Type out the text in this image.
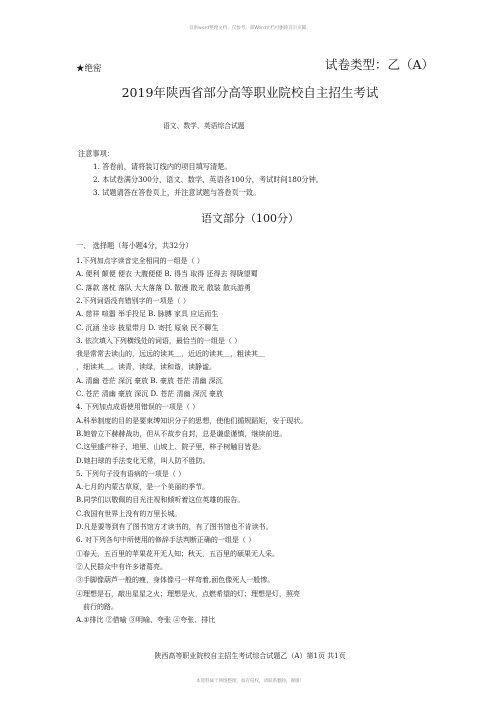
仅供word整理文档，仅参考。部Word文档可删除首页页脚。
★绝密	试卷类型：乙（A）
2019年陕西省部分高等职业院校自主招生考试
语文、数学、英语综合试题
注意事项：
1. 答卷前，请将装订线内的项目填写清楚。
2. 本试卷满分300分，语文、数学、英语各100分，考试时间180分钟。
3. 试题请答在答卷页上，并注意试题与答卷页一致。
语文部分（100分）
一、 选择题（每小题4分，共32分）
1.下列加点字读音完全相同的一组是（ ）
A. 便利 颠便 便衣 大腹便便 B. 得当 取得 还得去 得陇望蜀
C. 落款 落枕 落队 大大落落 D. 散漫 散光 散装 散兵游勇
2.下列词语没有错别字的一项是（ ）
A. 慈祥 喧嚣 举手投足 B. 脉膊 家具 应运而生
C. 沉涵 坐诊 披星带月 D. 寄托 原泉 民不聊生
3. 依次填入下列横线处的词语，最恰当的一组是（ ）
我是常常去读山的，远远的读其＿，近近的读其＿，粗读其＿
，细读其＿。读青，读绿，读和谐，读静谧。
A. 清幽 苍茫 深沉 豪放 B. 豪放 苍茫 清幽 深沉
C. 苍茫 清幽 豪放 深沉 D. 苍茫 清幽 深沉 豪放
4. 下列加点成语使用错误的一项是（ ）
A.科举制度的目的是要束缚知识分子的思想，使他们循规蹈矩，安于现状。
B.她曾立下赫赫战功，但从不故步自封，总是谦虚谨慎，继续前进。
C.这里盛产梓子，地里、山坡上、院子里，梓子树触目皆是。
D.她扫球的手法变化无常，叫人防不胜防。
5. 下列句子没有语病的一项是（ ）
A.七月的内蒙古草原，是一个美丽的季节。
B.同学们以敬佩的目光注视和倾听着这位英雄的报告。
C.我国有世界上没有的万里长城。
D.凡是要等到有了图书馆方才读书的，有了图书馆也不肯读书。
6. 对下列各句中所使用的修辞手法判断正确的一组是（ ）
①春天，五百里的苹果花开无人知；秋天，五百里的硕果无人采。
②人民群众中有许多诸葛亮。
③手脚像葫芦一般的瘦，身体像弓一样弯着,面色像死人一般惨。
④理想是石，敲出星星之火；理想是火，点燃希望的灯；理想是灯，照亮
　前行的路。
A.①排比 ②借喻 ③明喻、夸张 ④夸张、排比
陕西高等职业院校自主招生考试综合试题乙（A）第1页 共1页
本资料属于网络整理，如有侵权，请联系删除，谢谢！
